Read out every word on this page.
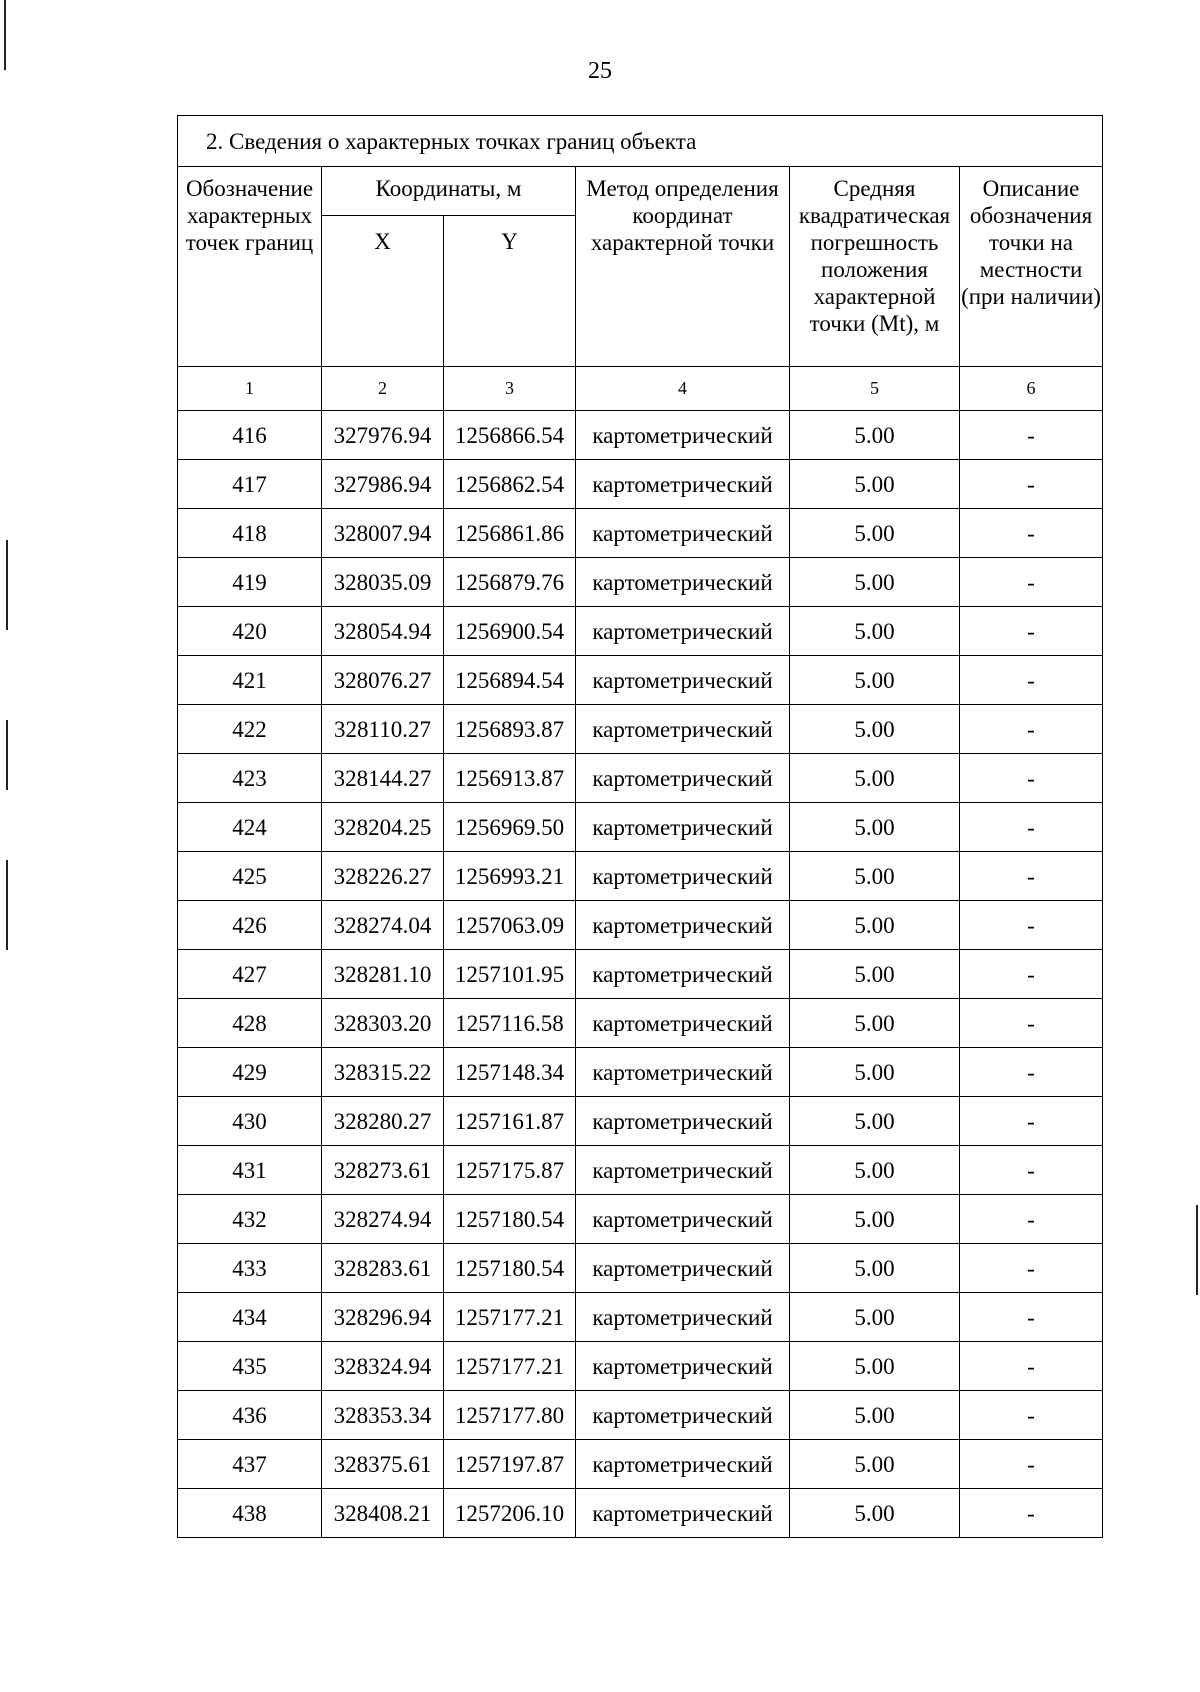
25
2. Сведения о характерных точках границ объекта					
Обозначение характерных точек границ	Координаты, м		Метод определения координат характерной точки	Средняя квадратическая погрешность положения характерной точки (Mt), м	Описание обозначения точки на местности (при наличии)
	X	Y			
1	2	3	4	5	6
416	327976.94	1256866.54	картометрический	5.00	-
417	327986.94	1256862.54	картометрический	5.00	-
418	328007.94	1256861.86	картометрический	5.00	-
419	328035.09	1256879.76	картометрический	5.00	-
420	328054.94	1256900.54	картометрический	5.00	-
421	328076.27	1256894.54	картометрический	5.00	-
422	328110.27	1256893.87	картометрический	5.00	-
423	328144.27	1256913.87	картометрический	5.00	-
424	328204.25	1256969.50	картометрический	5.00	-
425	328226.27	1256993.21	картометрический	5.00	-
426	328274.04	1257063.09	картометрический	5.00	-
427	328281.10	1257101.95	картометрический	5.00	-
428	328303.20	1257116.58	картометрический	5.00	-
429	328315.22	1257148.34	картометрический	5.00	-
430	328280.27	1257161.87	картометрический	5.00	-
431	328273.61	1257175.87	картометрический	5.00	-
432	328274.94	1257180.54	картометрический	5.00	-
433	328283.61	1257180.54	картометрический	5.00	-
434	328296.94	1257177.21	картометрический	5.00	-
435	328324.94	1257177.21	картометрический	5.00	-
436	328353.34	1257177.80	картометрический	5.00	-
437	328375.61	1257197.87	картометрический	5.00	-
438	328408.21	1257206.10	картометрический	5.00	-
